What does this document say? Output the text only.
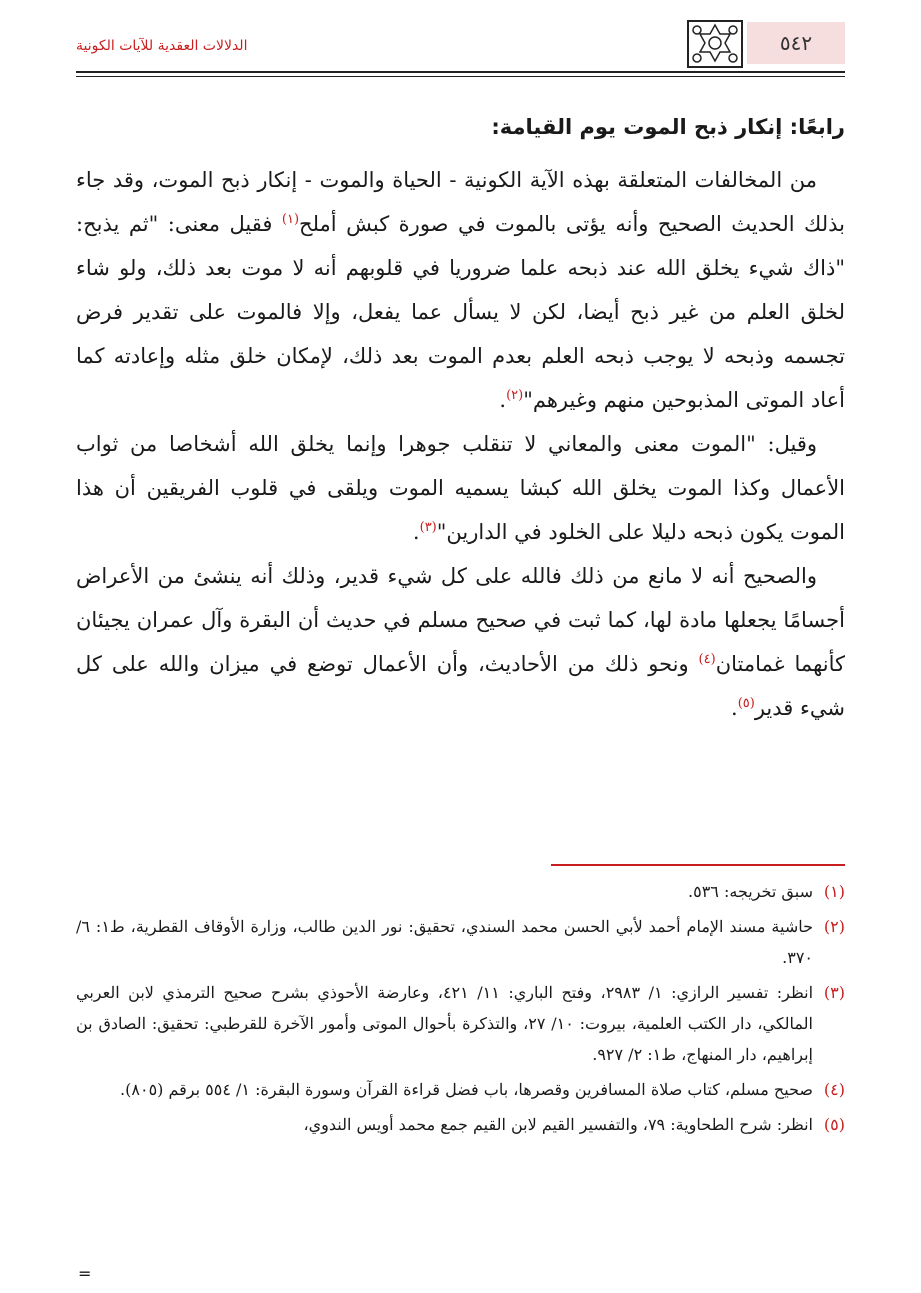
٥٤٢
الدلالات العقدية للآيات الكونية
رابعًا: إنكار ذبح الموت يوم القيامة:

من المخالفات المتعلقة بهذه الآية الكونية - الحياة والموت - إنكار ذبح الموت، وقد جاء بذلك الحديث الصحيح وأنه يؤتى بالموت في صورة كبش أملح$^{(١)}$ فقيل معنى: "ثم يذبح: "ذاك شيء يخلق الله عند ذبحه علما ضروريا في قلوبهم أنه لا موت بعد ذلك، ولو شاء لخلق العلم من غير ذبح أيضا، لكن لا يسأل عما يفعل، وإلا فالموت على تقدير فرض تجسمه وذبحه لا يوجب ذبحه العلم بعدم الموت بعد ذلك، لإمكان خلق مثله وإعادته كما أعاد الموتى المذبوحين منهم وغيرهم"$^{(٢)}$.

وقيل: "الموت معنى والمعاني لا تنقلب جوهرا وإنما يخلق الله أشخاصا من ثواب الأعمال وكذا الموت يخلق الله كبشا يسميه الموت ويلقى في قلوب الفريقين أن هذا الموت يكون ذبحه دليلا على الخلود في الدارين"$^{(٣)}$.

والصحيح أنه لا مانع من ذلك فالله على كل شيء قدير، وذلك أنه ينشئ من الأعراض أجسامًا يجعلها مادة لها، كما ثبت في صحيح مسلم في حديث أن البقرة وآل عمران يجيئان كأنهما غمامتان$^{(٤)}$ ونحو ذلك من الأحاديث، وأن الأعمال توضع في ميزان والله على كل شيء قدير$^{(٥)}$.

(١)
سبق تخريجه: ٥٣٦.
(٢)
حاشية مسند الإمام أحمد لأبي الحسن محمد السندي، تحقيق: نور الدين طالب، وزارة الأوقاف القطرية، ط١: ٦/ ٣٧٠.
(٣)
انظر: تفسير الرازي: ١/ ٢٩٨٣، وفتح الباري: ١١/ ٤٢١، وعارضة الأحوذي بشرح صحيح الترمذي لابن العربي المالكي، دار الكتب العلمية، بيروت: ١٠/ ٢٧، والتذكرة بأحوال الموتى وأمور الآخرة للقرطبي: تحقيق: الصادق بن إبراهيم، دار المنهاج، ط١: ٢/ ٩٢٧.
(٤)
صحيح مسلم، كتاب صلاة المسافرين وقصرها، باب فضل قراءة القرآن وسورة البقرة: ١/ ٥٥٤ برقم (٨٠٥).
(٥)
انظر: شرح الطحاوية: ٧٩، والتفسير القيم لابن القيم جمع محمد أويس الندوي،
=
